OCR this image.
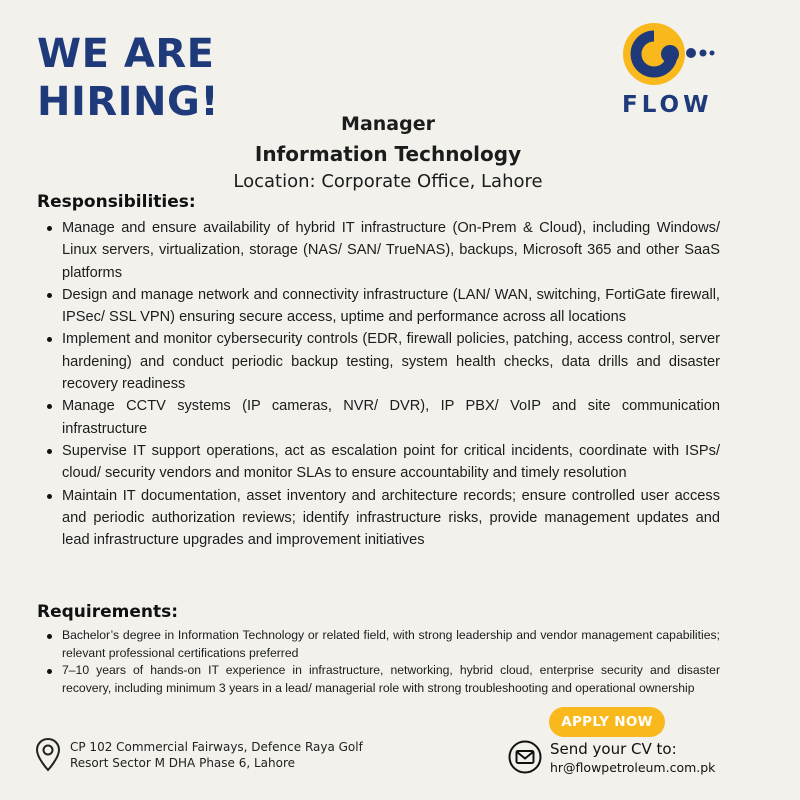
WE ARE
HIRING!	FLOW
Manager
Information Technology
Location: Corporate Office, Lahore
Responsibilities:
Manage and ensure availability of hybrid IT infrastructure (On-Prem & Cloud), including Windows/ Linux servers, virtualization, storage (NAS/ SAN/ TrueNAS), backups, Microsoft 365 and other SaaS platforms
Design and manage network and connectivity infrastructure (LAN/ WAN, switching, FortiGate firewall, IPSec/ SSL VPN) ensuring secure access, uptime and performance across all locations
Implement and monitor cybersecurity controls (EDR, firewall policies, patching, access control, server hardening) and conduct periodic backup testing, system health checks, data drills and disaster recovery readiness
Manage CCTV systems (IP cameras, NVR/ DVR), IP PBX/ VoIP and site communication infrastructure
Supervise IT support operations, act as escalation point for critical incidents, coordinate with ISPs/ cloud/ security vendors and monitor SLAs to ensure accountability and timely resolution
Maintain IT documentation, asset inventory and architecture records; ensure controlled user access and periodic authorization reviews; identify infrastructure risks, provide management updates and lead infrastructure upgrades and improvement initiatives
Requirements:
Bachelor’s degree in Information Technology or related field, with strong leadership and vendor management capabilities; relevant professional certifications preferred
7–10 years of hands-on IT experience in infrastructure, networking, hybrid cloud, enterprise security and disaster recovery, including minimum 3 years in a lead/ managerial role with strong troubleshooting and operational ownership
CP 102 Commercial Fairways, Defence Raya Golf
Resort Sector M DHA Phase 6, Lahore
APPLY NOW
Send your CV to:
hr@flowpetroleum.com.pk
